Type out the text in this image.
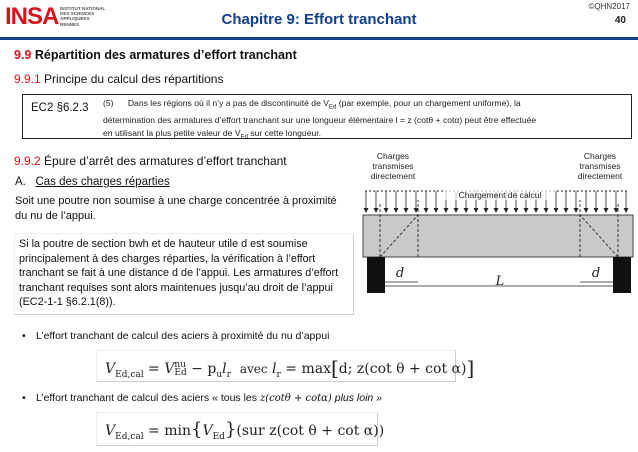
INSA INSTITUT NATIONAL DES SCIENCES APPLIQUÉES RENNES	Chapitre 9: Effort tranchant
©QHN2017
40
9.9 Répartition des armatures d’effort tranchant
9.9.1 Principe du calcul des répartitions
EC2 §6.2.3 (5) Dans les régions où il n’y a pas de discontinuité de $V_{Ed}$ (par exemple, pour un chargement uniforme), la
détermination des armatures d’effort tranchant sur une longueur élémentaire l = z (cotθ + cotα) peut être effectuée
en utilisant la plus petite valeur de $V_{Ed}$ sur cette longueur.
9.9.2 Épure d’arrêt des armatures d’effort tranchant
A. Cas des charges réparties
Soit une poutre non soumise à une charge concentrée à proximité du nu de l’appui.
Si la poutre de section bwh et de hauteur utile d est soumise principalement à des charges réparties, la vérification à l’effort tranchant se fait à une distance d de l’appui. Les armatures d’effort tranchant requises sont alors maintenues jusqu’au droit de l’appui (EC2-1-1 §6.2.1(8)).
d	d
L
Charges transmises directement
Charges transmises directement
Chargement de calcul
• L’effort tranchant de calcul des aciers à proximité du nu d’appui
$V_{Ed,cal}$ = Vnu
$Ed - p_ul_r$ avec $l_r = \max[d$; z(cot θ + cot α)]
• L’effort tranchant de calcul des aciers « tous les z(cotθ + cotα) plus loin »
$V_{Ed,cal} = \min\{V_{Ed}\}(sur$ z(cot θ + cot α))
